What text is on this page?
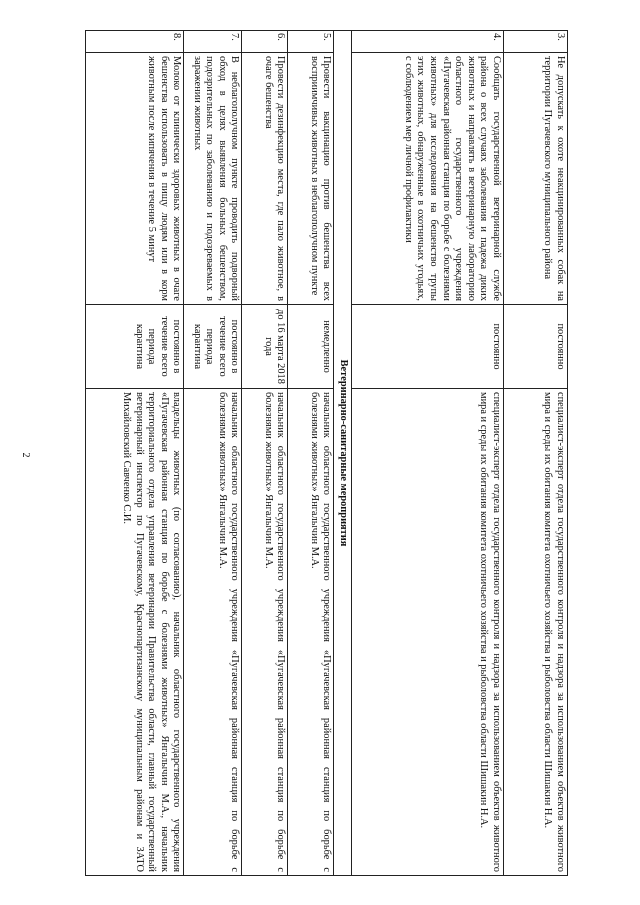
2
3.	Не допускать к охоте неакцинированных собак на территории Пугачевского муниципального района	постоянно	специалист-эксперт отдела государственного контроля и надзора за использованием объектов животного мира и среды их обитания комитета охотничьего хозяйства и рыболовства области Шишакин Н.А.
4.	Сообщать государственной ветеринарной службе района о всех случаях заболевания и падежа диких животных и направлять в ветеринарную лабораторию областного государственного учреждения «Пугачевская районная станция по борьбе с болезнями животных» для исследования на бешенство трупы этих животных, обнаруженные в охотничьих угодьях, с соблюдением мер личной профилактики	постоянно	специалист-эксперт отдела государственного контроля и надзора за использованием объектов животного мира и среды их обитания комитета охотничьего хозяйства и рыболовства области Шишакин Н.А.
Ветеринарно-санитарные мероприятия			
5.	Провести вакцинацию против бешенства всех восприимчивых животных в неблагополучном пункте	немедленно	начальник областного государственного учреждения «Пугачевская районная станция по борьбе с болезнями животных» Янгалычин М.А.
6.	Провести дезинфекцию места, где пало животное, в очаге бешенства	до 16 марта 2018 года	начальник областного государственного учреждения «Пугачевская районная станция по борьбе с болезнями животных» Янгалычин М.А.
7.	В неблагополучном пункте проводить подворный обход в целях выявления больных бешенством, подозрительных по заболеванию и подозреваемых в заражении животных	постоянно в течение всего периода карантина	начальник областного государственного учреждения «Пугачевская районная станция по борьбе с болезнями животных» Янгалычин М.А.
8.	Молоко от клинически здоровых животных в очаге бешенства использовать в пищу людям или в корм животным после кипячения в течение 5 минут	постоянно в течение всего периода карантина	владельцы животных (по согласованию), начальник областного государственного учреждения «Пугачевская районная станция по борьбе с болезнями животных» Янгалычин М.А., начальник территориального отдела управления ветеринарии Правительства области, главный государственный ветеринарный инспектор по Пугачевскому, Краснопартизанскому муниципальным районам и ЗАТО Михайловский Савченко С.И.
